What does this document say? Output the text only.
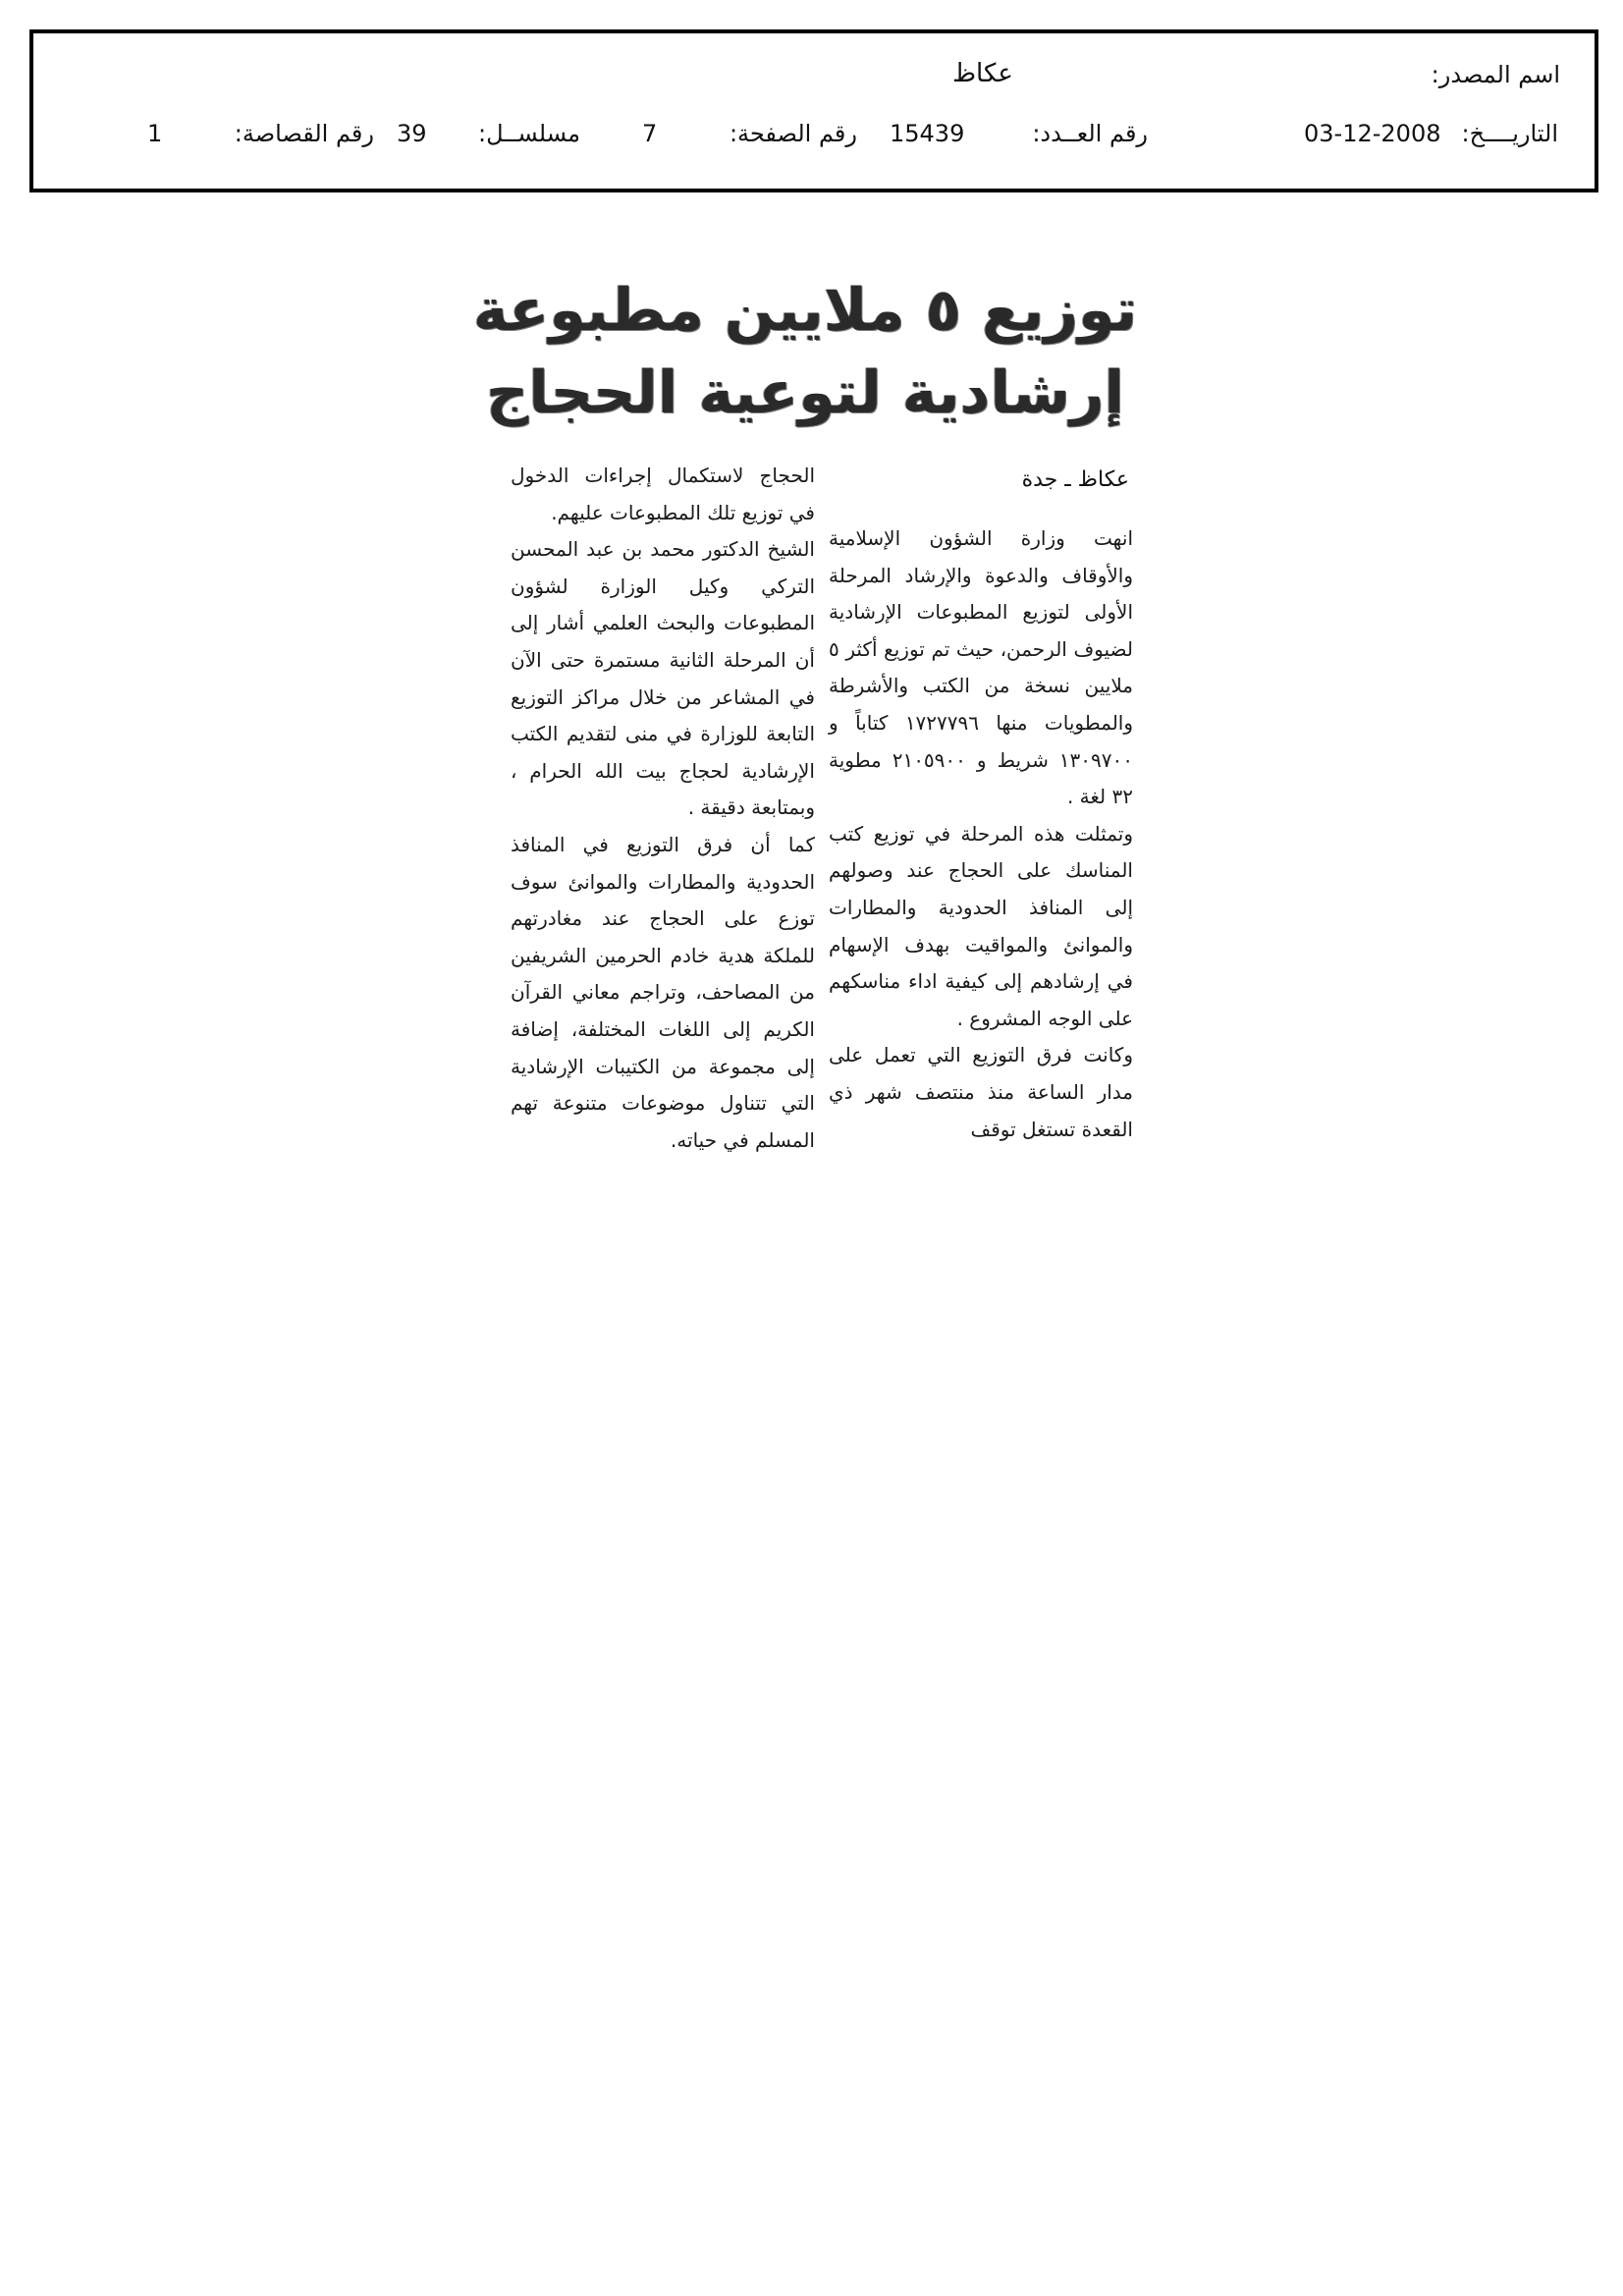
اسم المصدر:
عكاظ
التاريــــخ:
03-12-2008
رقم العــدد:
15439
رقم الصفحة:
7
مسلســل:
39
رقم القصاصة:
1
توزيع ٥ ملايين مطبوعة
إرشادية لتوعية الحجاج
عكاظ ـ جدة

انهت وزارة الشؤون الإسلامية والأوقاف والدعوة والإرشاد المرحلة الأولى لتوزيع المطبوعات الإرشادية لضيوف الرحمن، حيث تم توزيع أكثر ٥ ملايين نسخة من الكتب والأشرطة والمطويات منها ١٧٢٧٧٩٦ كتاباً و ١٣٠٩٧٠٠ شريط و ٢١٠٥٩٠٠ مطوية ٣٢ لغة .

وتمثلت هذه المرحلة في توزيع كتب المناسك على الحجاج عند وصولهم إلى المنافذ الحدودية والمطارات والموانئ والمواقيت بهدف الإسهام في إرشادهم إلى كيفية اداء مناسكهم على الوجه المشروع .

وكانت فرق التوزيع التي تعمل على مدار الساعة منذ منتصف شهر ذي القعدة تستغل توقف

الحجاج لاستكمال إجراءات الدخول في توزيع تلك المطبوعات عليهم.

الشيخ الدكتور محمد بن عبد المحسن التركي وكيل الوزارة لشؤون المطبوعات والبحث العلمي أشار إلى أن المرحلة الثانية مستمرة حتى الآن في المشاعر من خلال مراكز التوزيع التابعة للوزارة في منى لتقديم الكتب الإرشادية لحجاج بيت الله الحرام ، وبمتابعة دقيقة .

كما أن فرق التوزيع في المنافذ الحدودية والمطارات والموانئ سوف توزع على الحجاج عند مغادرتهم للملكة هدية خادم الحرمين الشريفين من المصاحف، وتراجم معاني القرآن الكريم إلى اللغات المختلفة، إضافة إلى مجموعة من الكتيبات الإرشادية التي تتناول موضوعات متنوعة تهم المسلم في حياته.
